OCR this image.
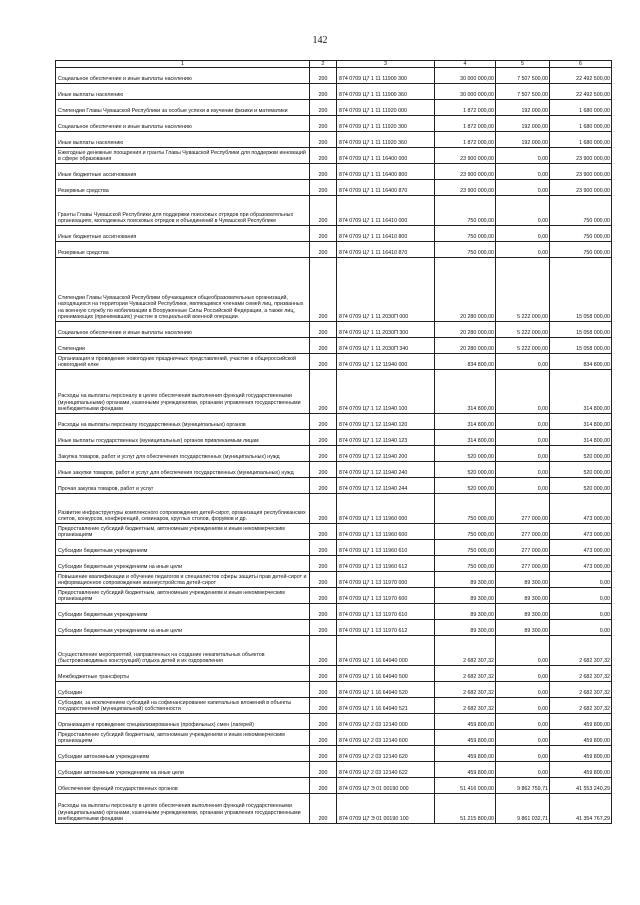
142
1	2	3	4	5	6
Социальное обеспечение и иные выплаты населению	200	874 0709 Ц7 1 11 11900 300	30 000 000,00	7 507 500,00	22 492 500,00
Иные выплаты населению	200	874 0709 Ц7 1 11 11900 360	30 000 000,00	7 507 500,00	22 492 500,00
Стипендии Главы Чувашской Республики за особые успехи в изучении физики и математики	200	874 0709 Ц7 1 11 11920 000	1 872 000,00	192 000,00	1 680 000,00
Социальное обеспечение и иные выплаты населению	200	874 0709 Ц7 1 11 11920 300	1 872 000,00	192 000,00	1 680 000,00
Иные выплаты населению	200	874 0709 Ц7 1 11 11920 360	1 872 000,00	192 000,00	1 680 000,00
Ежегодные денежные поощрения и гранты Главы Чувашской Республики для поддержки инноваций в сфере образования	200	874 0709 Ц7 1 11 16400 000	23 900 000,00	0,00	23 900 000,00
Иные бюджетные ассигнования	200	874 0709 Ц7 1 11 16400 800	23 900 000,00	0,00	23 900 000,00
Резервные средства	200	874 0709 Ц7 1 11 16400 870	23 900 000,00	0,00	23 900 000,00
Гранты Главы Чувашской Республики для поддержки поисковых отрядов при образовательных организациях, молодежных поисковых отрядов и объединений в Чувашской Республике	200	874 0709 Ц7 1 11 16410 000	750 000,00	0,00	750 000,00
Иные бюджетные ассигнования	200	874 0709 Ц7 1 11 16410 800	750 000,00	0,00	750 000,00
Резервные средства	200	874 0709 Ц7 1 11 16410 870	750 000,00	0,00	750 000,00
Стипендии Главы Чувашской Республики обучающимся общеобразовательных организаций, находящихся на территории Чувашской Республики, являющимся членами семей лиц, призванных на военную службу по мобилизации в Вооруженные Силы Российской Федерации, а также лиц, принимающих (принимавших) участие в специальной военной операции	200	874 0709 Ц7 1 11 2030П 000	20 280 000,00	5 222 000,00	15 058 000,00
Социальное обеспечение и иные выплаты населению	200	874 0709 Ц7 1 11 2030П 300	20 280 000,00	5 222 000,00	15 058 000,00
Стипендии	200	874 0709 Ц7 1 11 2030П 340	20 280 000,00	5 222 000,00	15 058 000,00
Организация и проведение новогодних праздничных представлений, участие в общероссийской новогодней елке	200	874 0709 Ц7 1 12 11940 000	834 800,00	0,00	834 800,00
Расходы на выплаты персоналу в целях обеспечения выполнения функций государственными (муниципальными) органами, казенными учреждениями, органами управления государственными внебюджетными фондами	200	874 0709 Ц7 1 12 11940 100	314 800,00	0,00	314 800,00
Расходы на выплаты персоналу государственных (муниципальных) органов	200	874 0709 Ц7 1 12 11940 120	314 800,00	0,00	314 800,00
Иные выплаты государственных (муниципальных) органов привлекаемым лицам	200	874 0709 Ц7 1 12 11940 123	314 800,00	0,00	314 800,00
Закупка товаров, работ и услуг для обеспечения государственных (муниципальных) нужд	200	874 0709 Ц7 1 12 11940 200	520 000,00	0,00	520 000,00
Иные закупки товаров, работ и услуг для обеспечения государственных (муниципальных) нужд	200	874 0709 Ц7 1 12 11940 240	520 000,00	0,00	520 000,00
Прочая закупка товаров, работ и услуг	200	874 0709 Ц7 1 12 11940 244	520 000,00	0,00	520 000,00
Развитие инфраструктуры комплексного сопровождения детей-сирот, организация республиканских слетов, конкурсов, конференций, семинаров, круглых столов, форумов и др.	200	874 0709 Ц7 1 13 11960 000	750 000,00	277 000,00	473 000,00
Предоставление субсидий бюджетным, автономным учреждениям и иным некоммерческим организациям	200	874 0709 Ц7 1 13 11960 600	750 000,00	277 000,00	473 000,00
Субсидии бюджетным учреждениям	200	874 0709 Ц7 1 13 11960 610	750 000,00	277 000,00	473 000,00
Субсидии бюджетным учреждениям на иные цели	200	874 0709 Ц7 1 13 11960 612	750 000,00	277 000,00	473 000,00
Повышение квалификации и обучение педагогов и специалистов сферы защиты прав детей-сирот и информационное сопровождение жизнеустройства детей-сирот	200	874 0709 Ц7 1 13 11970 000	89 300,00	89 300,00	0,00
Предоставление субсидий бюджетным, автономным учреждениям и иным некоммерческим организациям	200	874 0709 Ц7 1 13 11970 600	89 300,00	89 300,00	0,00
Субсидии бюджетным учреждениям	200	874 0709 Ц7 1 13 11970 610	89 300,00	89 300,00	0,00
Субсидии бюджетным учреждениям на иные цели	200	874 0709 Ц7 1 13 11970 612	89 300,00	89 300,00	0,00
Осуществление мероприятий, направленных на создание некапитальных объектов (быстровозводимых конструкций) отдыха детей и их оздоровления	200	874 0709 Ц7 1 16 64940 000	2 682 307,32	0,00	2 682 307,32
Межбюджетные трансферты	200	874 0709 Ц7 1 16 64940 500	2 682 307,32	0,00	2 682 307,32
Субсидии	200	874 0709 Ц7 1 16 64940 520	2 682 307,32	0,00	2 682 307,32
Субсидии, за исключением субсидий на софинансирование капитальных вложений в объекты государственной (муниципальной) собственности	200	874 0709 Ц7 1 16 64940 521	2 682 307,32	0,00	2 682 307,32
Организация и проведение специализированных (профильных) смен (лагерей)	200	874 0709 Ц7 2 03 12140 000	459 800,00	0,00	459 800,00
Предоставление субсидий бюджетным, автономным учреждениям и иным некоммерческим организациям	200	874 0709 Ц7 2 03 12140 600	459 800,00	0,00	459 800,00
Субсидии автономным учреждениям	200	874 0709 Ц7 2 03 12140 620	459 800,00	0,00	459 800,00
Субсидии автономным учреждениям на иные цели	200	874 0709 Ц7 2 03 12140 622	459 800,00	0,00	459 800,00
Обеспечение функций государственных органов	200	874 0709 Ц7 Э 01 00190 000	51 416 000,00	9 862 759,71	41 553 240,29
Расходы на выплаты персоналу в целях обеспечения выполнения функций государственными (муниципальными) органами, казенными учреждениями, органами управления государственными внебюджетными фондами	200	874 0709 Ц7 Э 01 00190 100	51 215 800,00	9 861 032,71	41 354 767,29
